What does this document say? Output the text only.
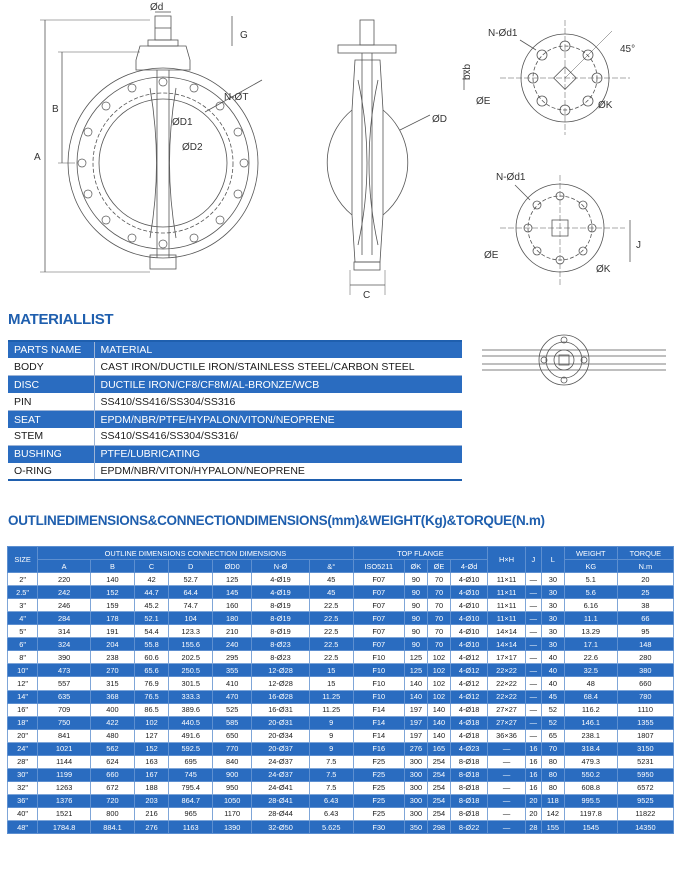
Ød
G
B
A
N-ØT
ØD1
ØD2
ØD
C
N-Ød1
45°
bxb
ØE	ØK
N-Ød1
ØE
J
ØK
MATERIALLIST
PARTS NAME	MATERIAL
BODY	CAST IRON/DUCTILE IRON/STAINLESS STEEL/CARBON STEEL
DISC	DUCTILE IRON/CF8/CF8M/AL-BRONZE/WCB
PIN	SS410/SS416/SS304/SS316
SEAT	EPDM/NBR/PTFE/HYPALON/VITON/NEOPRENE
STEM	SS410/SS416/SS304/SS316/
BUSHING	PTFE/LUBRICATING
O-RING	EPDM/NBR/VITON/HYPALON/NEOPRENE
OUTLINEDIMENSIONS&CONNECTIONDIMENSIONS(mm)&WEIGHT(Kg)&TORQUE(N.m)
SIZE	OUTLINE DIMENSIONS CONNECTION DIMENSIONS							TOP FLANGE				H×H	J	L	WEIGHT	TORQUE
	A	B	C	D	ØD0	N-Ø	&°	ISO5211	ØK	ØE	4-Ød				KG	N.m
2"	220	140	42	52.7	125	4-Ø19	45	F07	90	70	4-Ø10	11×11	—	30	5.1	20
2.5"	242	152	44.7	64.4	145	4-Ø19	45	F07	90	70	4-Ø10	11×11	—	30	5.6	25
3"	246	159	45.2	74.7	160	8-Ø19	22.5	F07	90	70	4-Ø10	11×11	—	30	6.16	38
4"	284	178	52.1	104	180	8-Ø19	22.5	F07	90	70	4-Ø10	11×11	—	30	11.1	66
5"	314	191	54.4	123.3	210	8-Ø19	22.5	F07	90	70	4-Ø10	14×14	—	30	13.29	95
6"	324	204	55.8	155.6	240	8-Ø23	22.5	F07	90	70	4-Ø10	14×14	—	30	17.1	148
8"	390	238	60.6	202.5	295	8-Ø23	22.5	F10	125	102	4-Ø12	17×17	—	40	22.6	280
10"	473	270	65.6	250.5	355	12-Ø28	15	F10	125	102	4-Ø12	22×22	—	40	32.5	380
12"	557	315	76.9	301.5	410	12-Ø28	15	F10	140	102	4-Ø12	22×22	—	40	48	660
14"	635	368	76.5	333.3	470	16-Ø28	11.25	F10	140	102	4-Ø12	22×22	—	45	68.4	780
16"	709	400	86.5	389.6	525	16-Ø31	11.25	F14	197	140	4-Ø18	27×27	—	52	116.2	1110
18"	750	422	102	440.5	585	20-Ø31	9	F14	197	140	4-Ø18	27×27	—	52	146.1	1355
20"	841	480	127	491.6	650	20-Ø34	9	F14	197	140	4-Ø18	36×36	—	65	238.1	1807
24"	1021	562	152	592.5	770	20-Ø37	9	F16	276	165	4-Ø23	—	16	70	318.4	3150
28"	1144	624	163	695	840	24-Ø37	7.5	F25	300	254	8-Ø18	—	16	80	479.3	5231
30"	1199	660	167	745	900	24-Ø37	7.5	F25	300	254	8-Ø18	—	16	80	550.2	5950
32"	1263	672	188	795.4	950	24-Ø41	7.5	F25	300	254	8-Ø18	—	16	80	608.8	6572
36"	1376	720	203	864.7	1050	28-Ø41	6.43	F25	300	254	8-Ø18	—	20	118	995.5	9525
40"	1521	800	216	965	1170	28-Ø44	6.43	F25	300	254	8-Ø18	—	20	142	1197.8	11822
48"	1784.8	884.1	276	1163	1390	32-Ø50	5.625	F30	350	298	8-Ø22	—	28	155	1545	14350
